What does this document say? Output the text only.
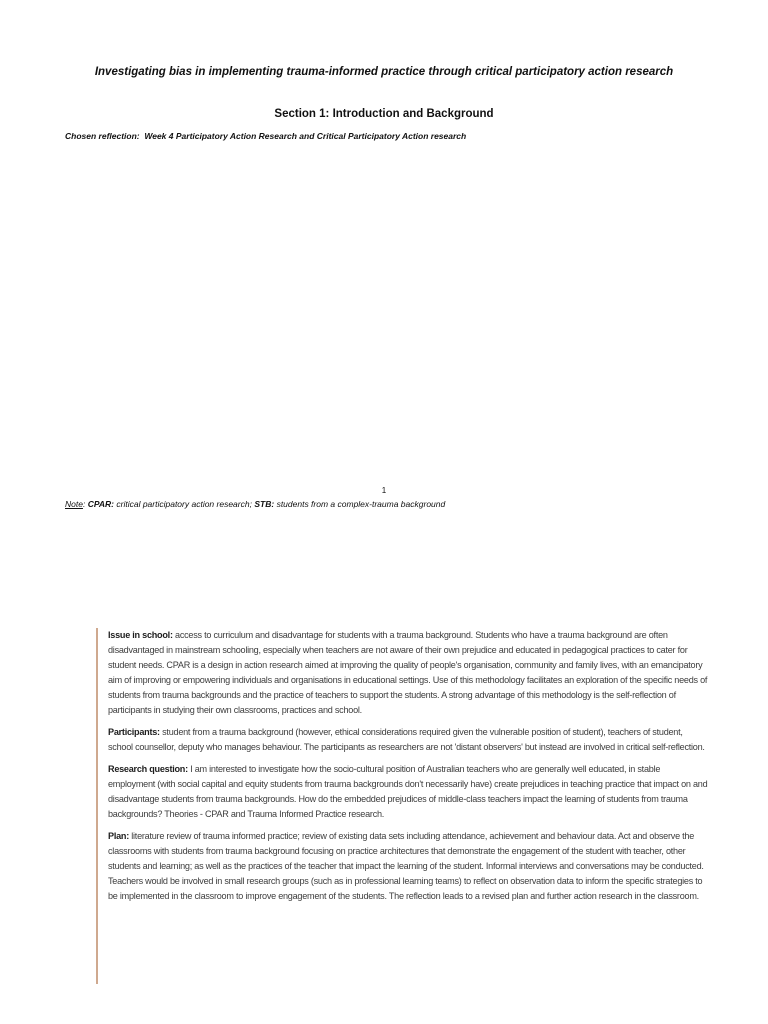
Investigating bias in implementing trauma-informed practice through critical participatory action research
Section 1: Introduction and Background
Chosen reflection: Week 4 Participatory Action Research and Critical Participatory Action research
1
Note: CPAR: critical participatory action research; STB: students from a complex-trauma background

Issue in school: access to curriculum and disadvantage for students with a trauma background. Students who have a trauma background are often disadvantaged in mainstream schooling, especially when teachers are not aware of their own prejudice and educated in pedagogical practices to cater for student needs. CPAR is a design in action research aimed at improving the quality of people's organisation, community and family lives, with an emancipatory aim of improving or empowering individuals and organisations in educational settings. Use of this methodology facilitates an exploration of the specific needs of students from trauma backgrounds and the practice of teachers to support the students. A strong advantage of this methodology is the self-reflection of participants in studying their own classrooms, practices and school.

Participants: student from a trauma background (however, ethical considerations required given the vulnerable position of student), teachers of student, school counsellor, deputy who manages behaviour. The participants as researchers are not 'distant observers' but instead are involved in critical self-reflection.

Research question: I am interested to investigate how the socio-cultural position of Australian teachers who are generally well educated, in stable employment (with social capital and equity students from trauma backgrounds don't necessarily have) create prejudices in teaching practice that impact on and disadvantage students from trauma backgrounds. How do the embedded prejudices of middle-class teachers impact the learning of students from trauma backgrounds? Theories - CPAR and Trauma Informed Practice research.

Plan: literature review of trauma informed practice; review of existing data sets including attendance, achievement and behaviour data. Act and observe the classrooms with students from trauma background focusing on practice architectures that demonstrate the engagement of the student with teacher, other students and learning; as well as the practices of the teacher that impact the learning of the student. Informal interviews and conversations may be conducted. Teachers would be involved in small research groups (such as in professional learning teams) to reflect on observation data to inform the specific strategies to be implemented in the classroom to improve engagement of the students. The reflection leads to a revised plan and further action research in the classroom.
